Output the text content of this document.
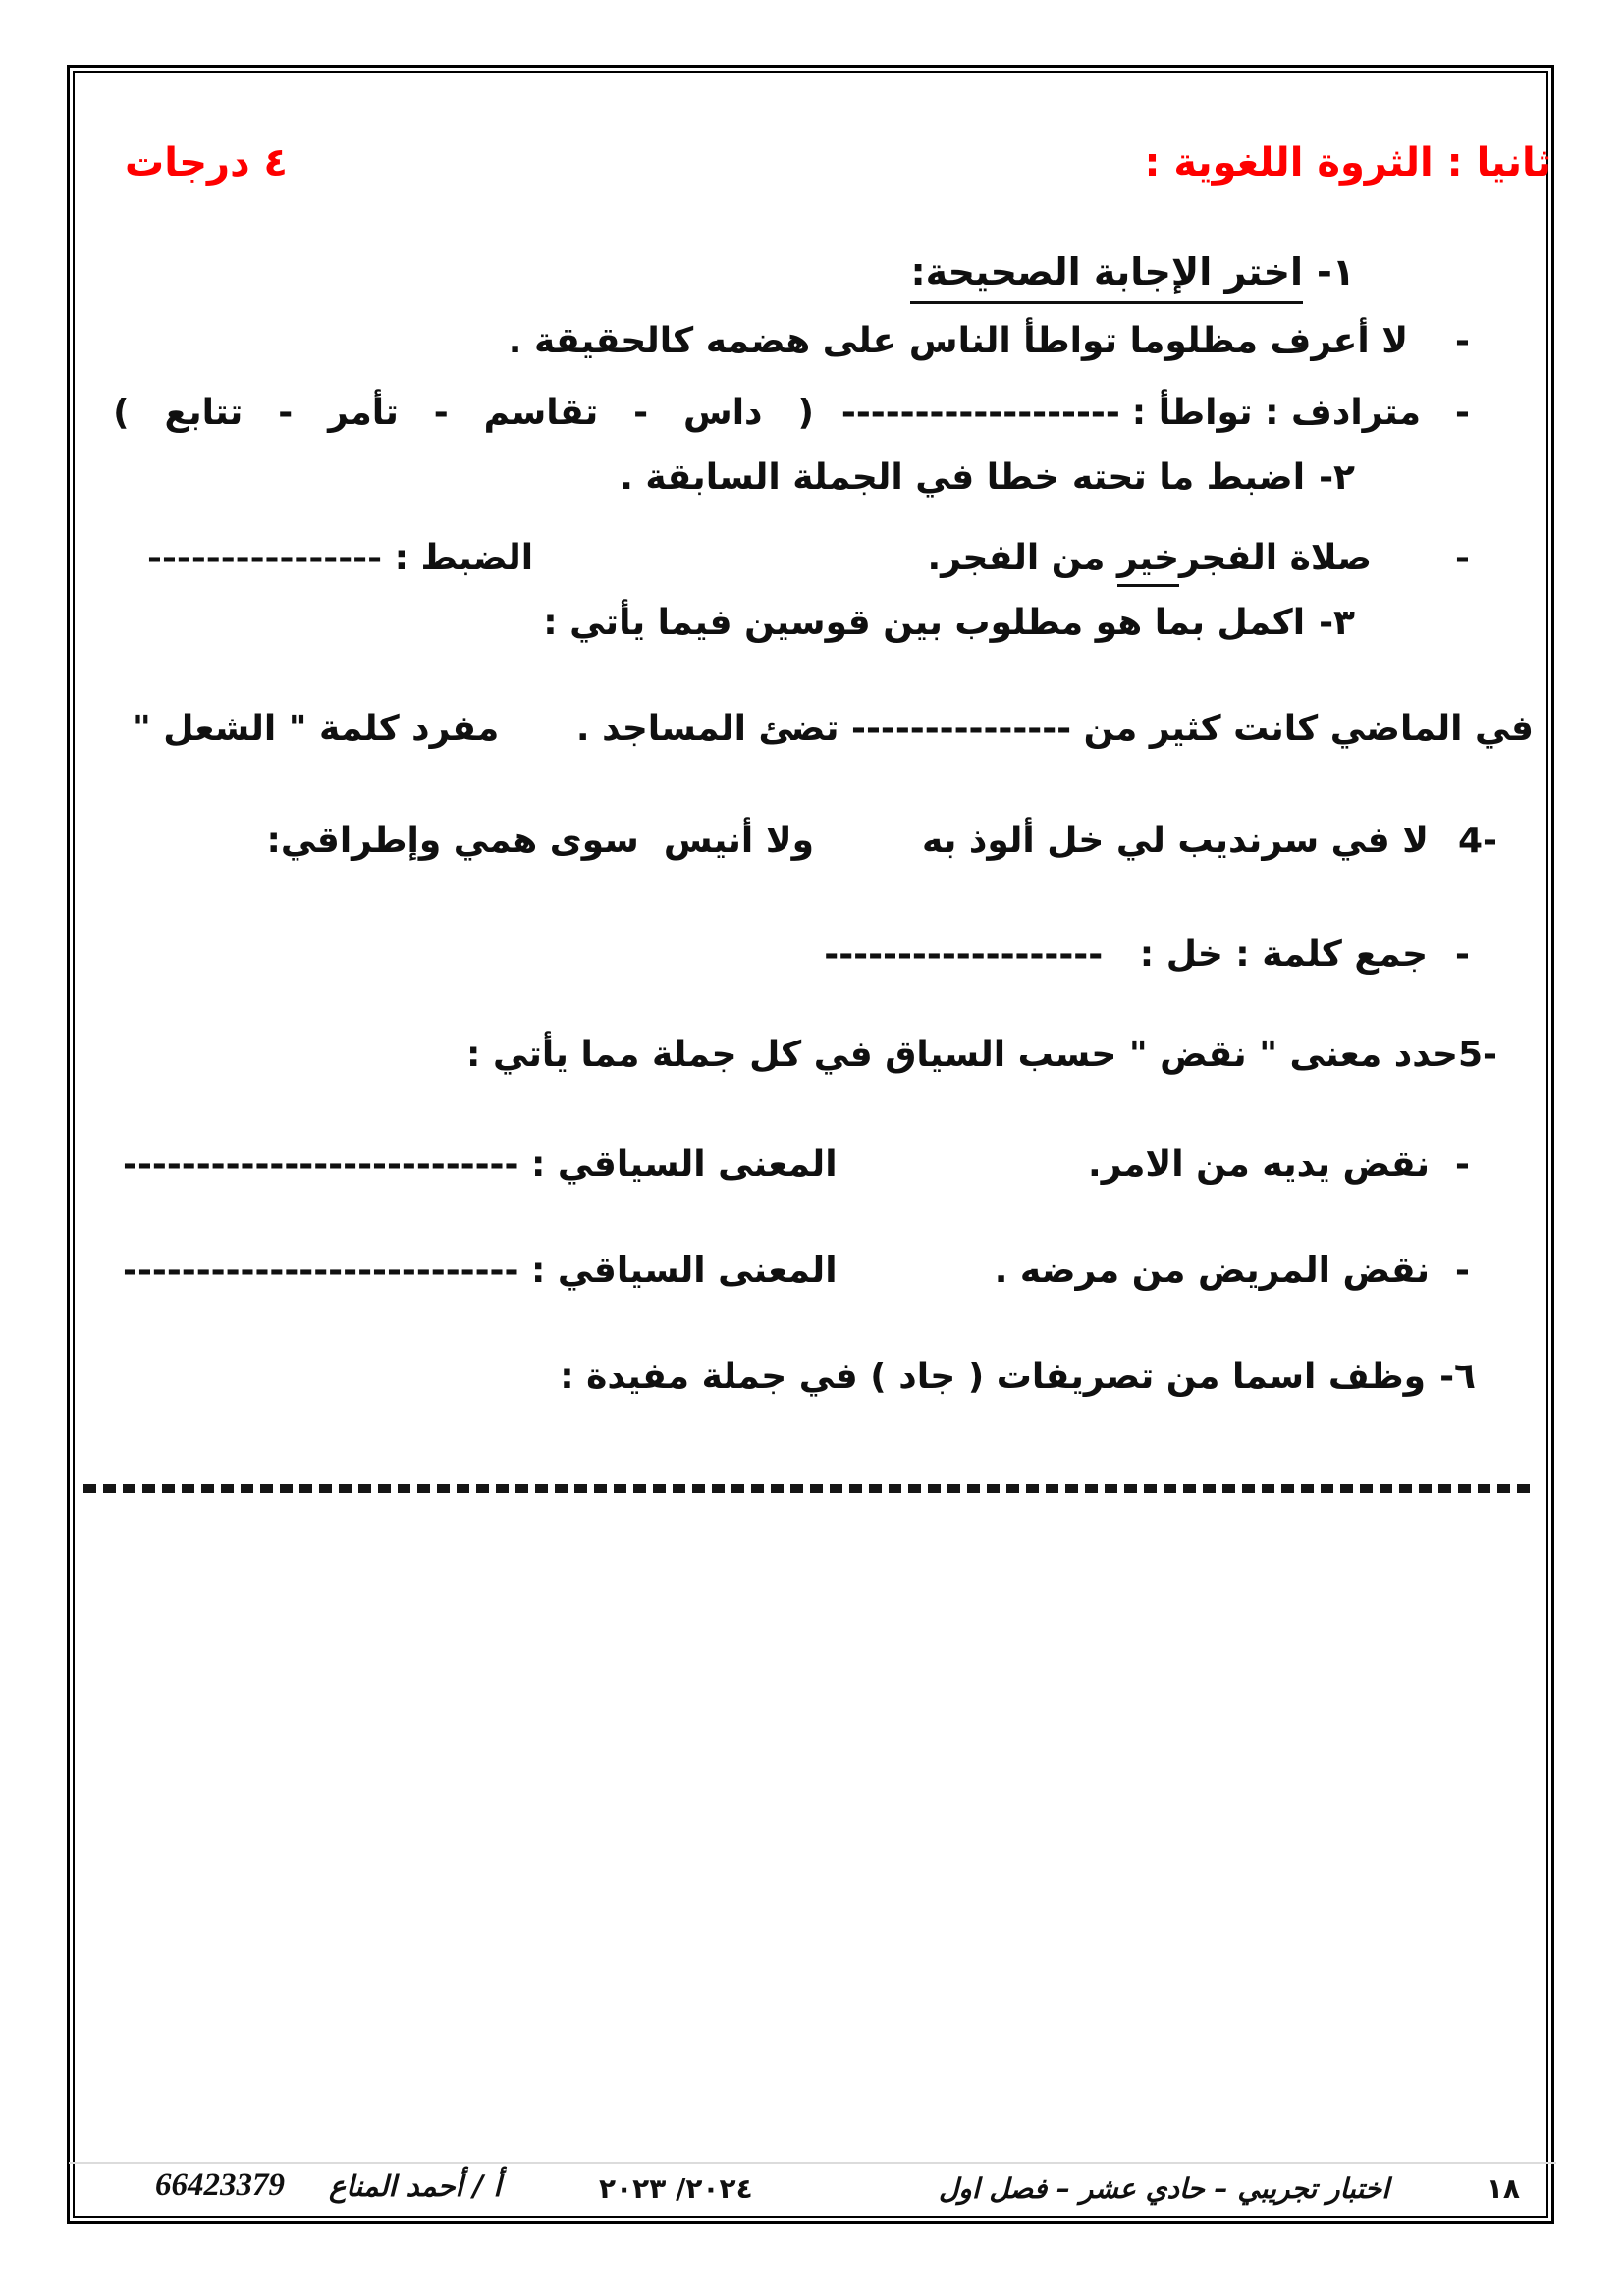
ثانيا : الثروة اللغوية :
٤ درجات
١-
اختر الإجابة الصحيحة:
-
لا أعرف مظلوما تواطأ الناس على هضمه كالحقيقة .
-
مترادف : تواطأ :
-------------------
(
داس
-
تقاسم
-
تأمر
-
تتابع
)
٢-
اضبط ما تحته خطا في الجملة السابقة .
-
صلاة الفجر
خير
من الفجر.
الضبط : ----------------
٣-
اكمل بما هو مطلوب بين قوسين فيما يأتي :
في الماضي كانت كثير من --------------- تضئ المساجد .
مفرد كلمة " الشعل "
4-
لا في سرنديب لي خل ألوذ به
ولا أنيس  سوى همي وإطراقي:
-
جمع كلمة : خل :   -------------------
5-
حدد معنى " نقض " حسب السياق في كل جملة مما يأتي :
-
نقض يديه من الامر.
المعنى السياقي : ---------------------------
-
نقض المريض من مرضه .
المعنى السياقي : ---------------------------
٦-
وظف اسما من تصريفات ( جاد ) في جملة مفيدة :
١٨
اختبار تجريبي – حادي عشر – فصل اول
٢٠٢٤/ ٢٠٢٣
أ / أحمد المناع
66423379
